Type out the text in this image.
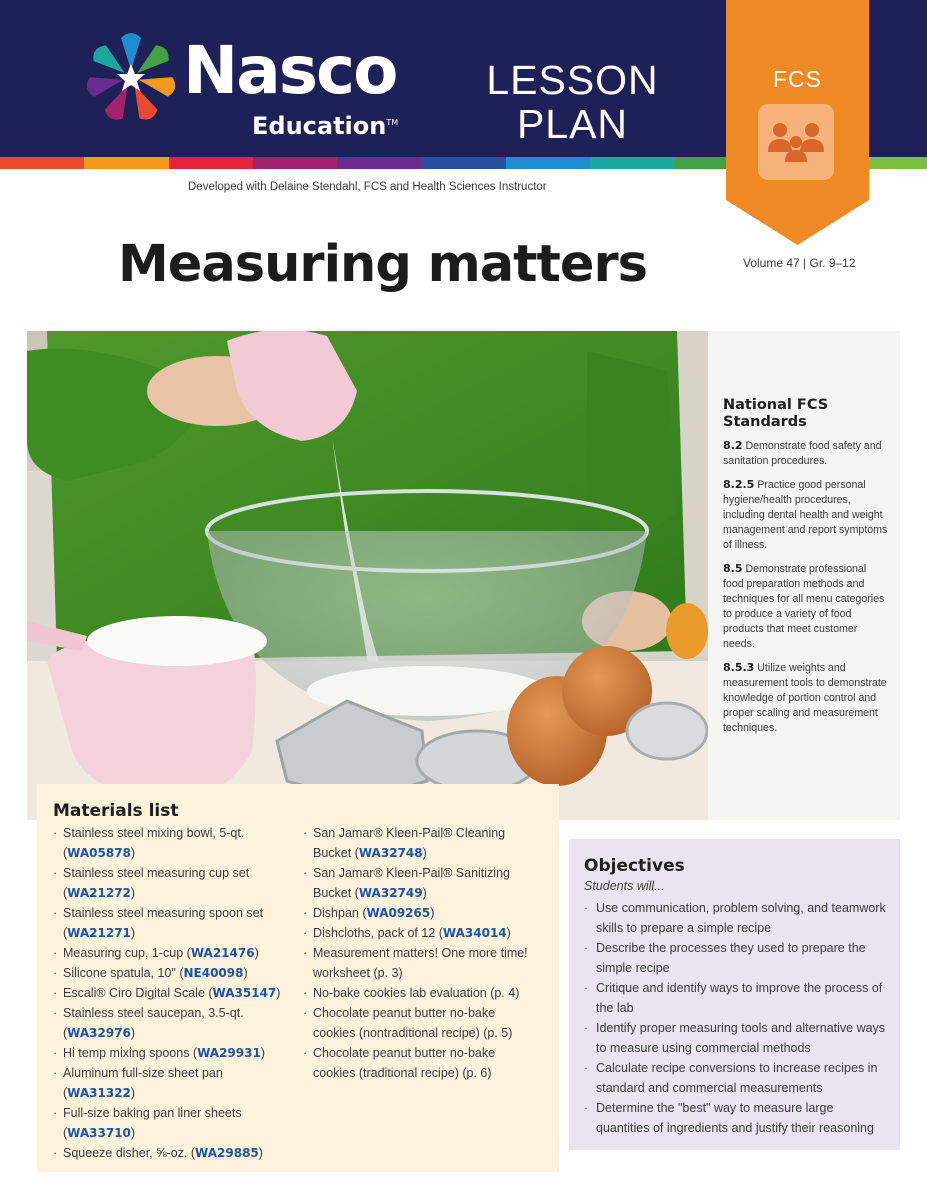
Nasco
Education™
LESSON
PLAN
FCS
Developed with Delaine Stendahl, FCS and Health Sciences Instructor
Measuring matters	Volume 47 | Gr. 9–12
National FCS Standards
8.2 Demonstrate food safety and sanitation procedures.
8.2.5 Practice good personal hygiene/health procedures, including dental health and weight management and report symptoms of illness.
8.5 Demonstrate professional food preparation methods and techniques for all menu categories to produce a variety of food products that meet customer needs.
8.5.3 Utilize weights and measurement tools to demonstrate knowledge of portion control and proper scaling and measurement techniques.
Materials list
· Stainless steel mixing bowl, 5-qt. (WA05878)
· Stainless steel measuring cup set (WA21272)
· Stainless steel measuring spoon set (WA21271)
· Measuring cup, 1-cup (WA21476)
· Silicone spatula, 10" (NE40098)
· Escali® Ciro Digital Scale (WA35147)
· Stainless steel saucepan, 3.5-qt. (WA32976)
· Hi temp mixing spoons (WA29931)
· Aluminum full-size sheet pan (WA31322)
· Full-size baking pan liner sheets (WA33710)
· Squeeze disher, ⅝-oz. (WA29885)
· San Jamar® Kleen-Pail® Cleaning Bucket (WA32748)
· San Jamar® Kleen-Pail® Sanitizing Bucket (WA32749)
· Dishpan (WA09265)
· Dishcloths, pack of 12 (WA34014)
· Measurement matters! One more time! worksheet (p. 3)
· No-bake cookies lab evaluation (p. 4)
· Chocolate peanut butter no-bake cookies (nontraditional recipe) (p. 5)
· Chocolate peanut butter no-bake cookies (traditional recipe) (p. 6)
Objectives
Students will...
· Use communication, problem solving, and teamwork skills to prepare a simple recipe
· Describe the processes they used to prepare the simple recipe
· Critique and identify ways to improve the process of the lab
· Identify proper measuring tools and alternative ways to measure using commercial methods
· Calculate recipe conversions to increase recipes in standard and commercial measurements
· Determine the "best" way to measure large quantities of ingredients and justify their reasoning
